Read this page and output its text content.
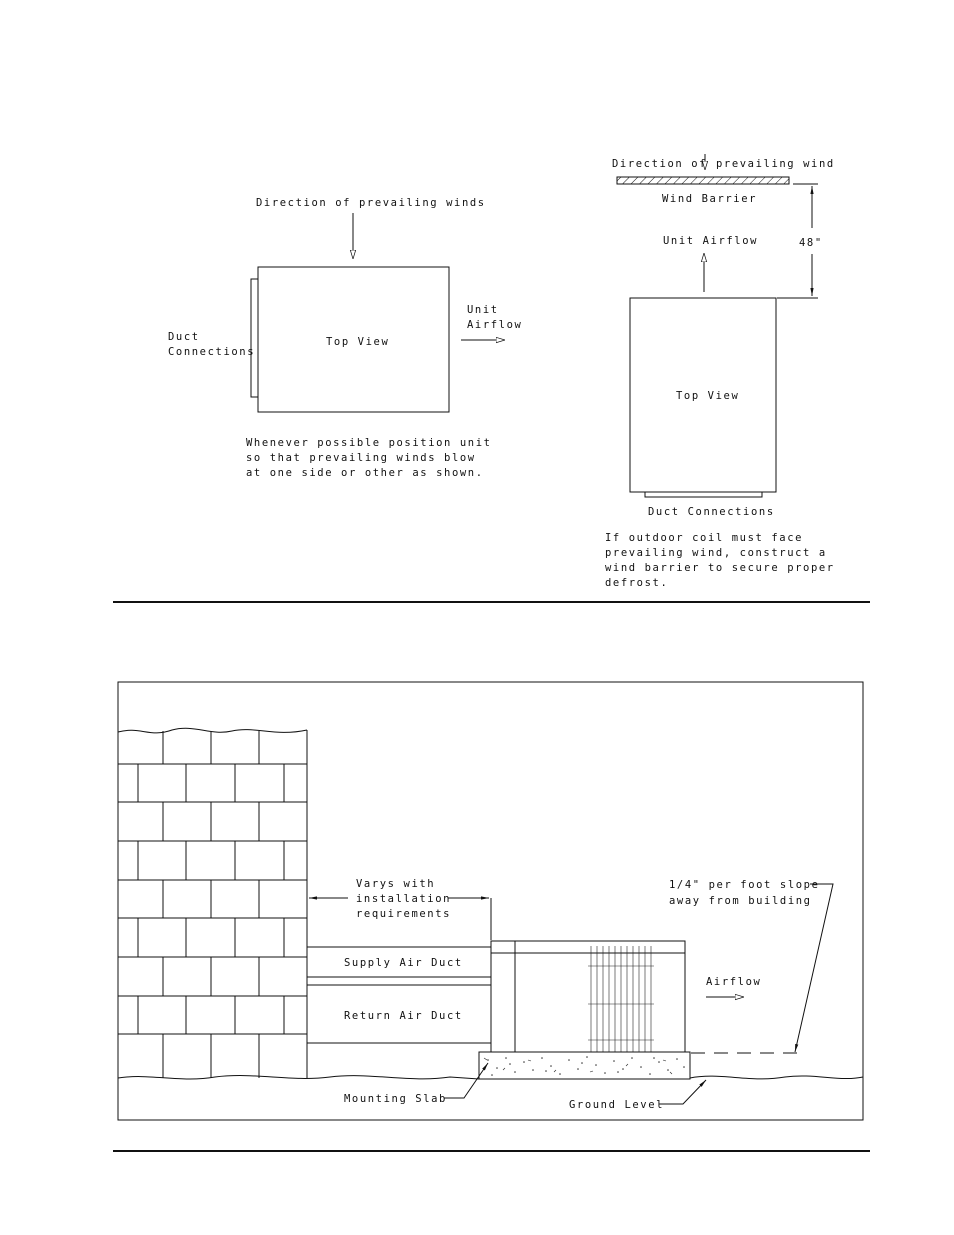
Direction of prevailing winds
Top View
Duct
Connections
Unit
Airflow
Whenever possible position unit
so that prevailing winds blow
at one side or other as shown.
Direction of prevailing wind
Wind Barrier
48"
Unit Airflow
Top View
Duct Connections
If outdoor coil must face
prevailing wind, construct a
wind barrier to secure proper
defrost.
Varys with
installation
requirements
Supply Air Duct
Return Air Duct
Airflow
1/4" per foot slope
away from building
Mounting Slab	Ground Level
